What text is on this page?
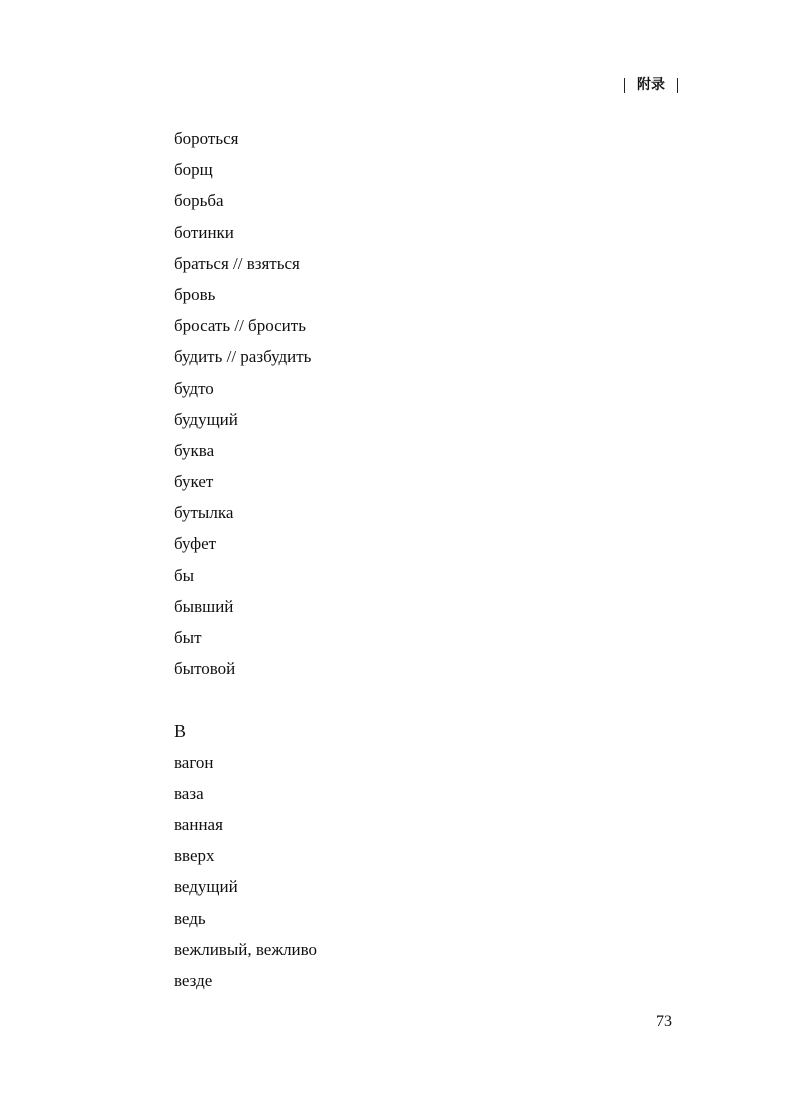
附录
бороться
борщ
борьба
ботинки
браться // взяться
бровь
бросать // бросить
будить // разбудить
будто
будущий
буква
букет
бутылка
буфет
бы
бывший
быт
бытовой
В
вагон
ваза
ванная
вверх
ведущий
ведь
вежливый, вежливо
везде
73
